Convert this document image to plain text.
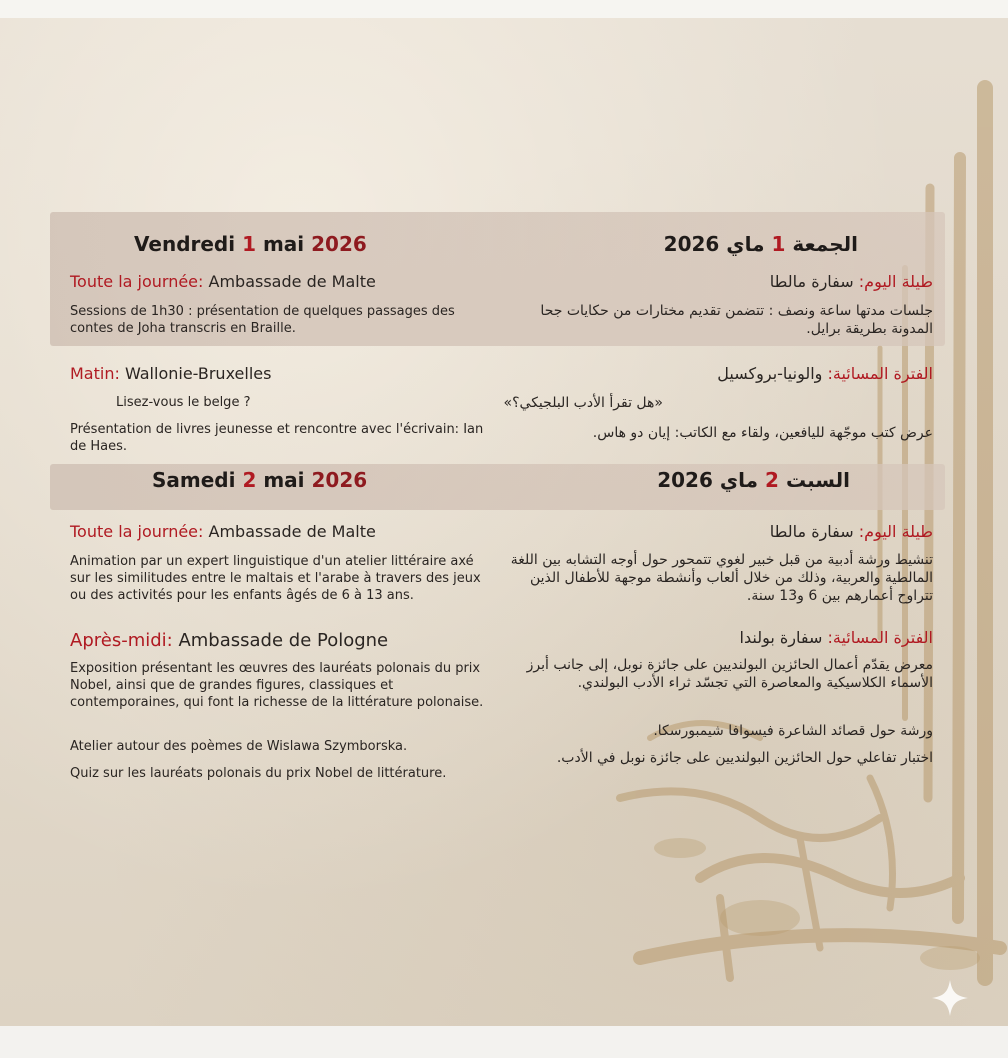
Vendredi 1 mai 2026	الجمعة 1 ماي 2026
Toute la journée: Ambassade de Malte
Sessions de 1h30 : présentation de quelques passages des contes de Joha transcris en Braille.
طيلة اليوم: سفارة مالطا
جلسات مدتها ساعة ونصف : تتضمن تقديم مختارات من حكايات جحا المدونة بطريقة برايل.
Matin: Wallonie-Bruxelles
Lisez-vous le belge ?
Présentation de livres jeunesse et rencontre avec l'écrivain: Ian de Haes.
الفترة المسائية: والونيا-بروكسيل
«هل تقرأ الأدب البلجيكي؟»
عرض كتب موجّهة لليافعين، ولقاء مع الكاتب: إيان دو هاس.
Samedi 2 mai 2026	السبت 2 ماي 2026
Toute la journée: Ambassade de Malte
Animation par un expert linguistique d'un atelier littéraire axé sur les similitudes entre le maltais et l'arabe à travers des jeux ou des activités pour les enfants âgés de 6 à 13 ans.
طيلة اليوم: سفارة مالطا
تنشيط ورشة أدبية من قبل خبير لغوي تتمحور حول أوجه التشابه بين اللغة المالطية والعربية، وذلك من خلال ألعاب وأنشطة موجهة للأطفال الذين تتراوح أعمارهم بين 6 و13 سنة.
Après-midi: Ambassade de Pologne
Exposition présentant les œuvres des lauréats polonais du prix Nobel, ainsi que de grandes figures, classiques et contemporaines, qui font la richesse de la littérature polonaise.
Atelier autour des poèmes de Wislawa Szymborska.
Quiz sur les lauréats polonais du prix Nobel de littérature.
الفترة المسائية: سفارة بولندا
معرض يقدّم أعمال الحائزين البولنديين على جائزة نوبل، إلى جانب أبرز الأسماء الكلاسيكية والمعاصرة التي تجسّد ثراء الأدب البولندي.
ورشة حول قصائد الشاعرة فيسوافا شيمبورسكا.
اختبار تفاعلي حول الحائزين البولنديين على جائزة نوبل في الأدب.
